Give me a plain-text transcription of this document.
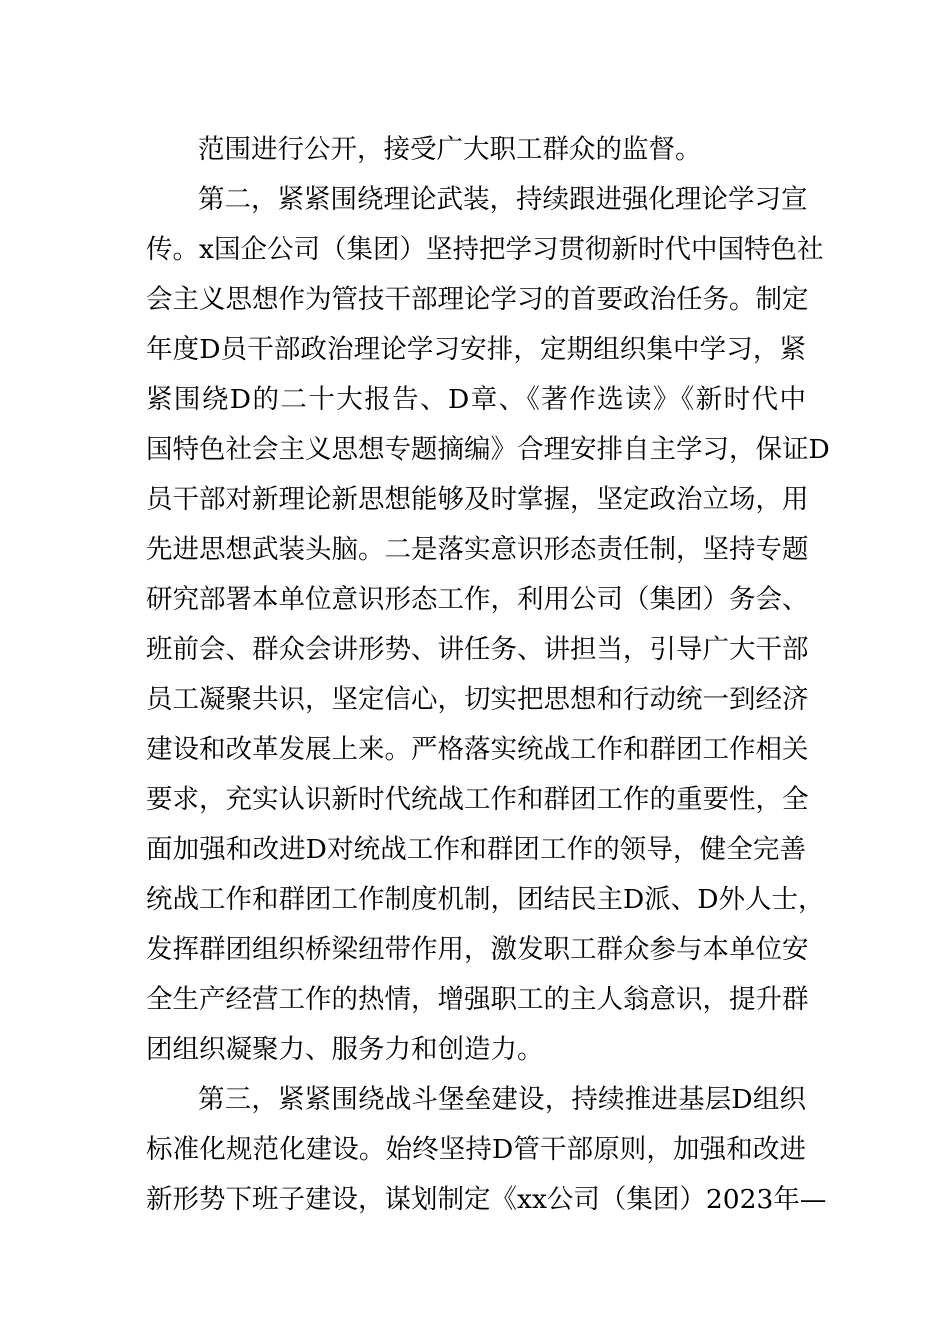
范围进行公开，接受广大职工群众的监督。
第二，紧紧围绕理论武装，持续跟进强化理论学习宣
传。x国企公司（集团）坚持把学习贯彻新时代中国特色社
会主义思想作为管技干部理论学习的首要政治任务。制定
年度D员干部政治理论学习安排，定期组织集中学习，紧
紧围绕D的二十大报告、D章、《著作选读》《新时代中
国特色社会主义思想专题摘编》合理安排自主学习，保证D
员干部对新理论新思想能够及时掌握，坚定政治立场，用
先进思想武装头脑。二是落实意识形态责任制，坚持专题
研究部署本单位意识形态工作，利用公司（集团）务会、
班前会、群众会讲形势、讲任务、讲担当，引导广大干部
员工凝聚共识，坚定信心，切实把思想和行动统一到经济
建设和改革发展上来。严格落实统战工作和群团工作相关
要求，充实认识新时代统战工作和群团工作的重要性，全
面加强和改进D对统战工作和群团工作的领导，健全完善
统战工作和群团工作制度机制，团结民主D派、D外人士，
发挥群团组织桥梁纽带作用，激发职工群众参与本单位安
全生产经营工作的热情，增强职工的主人翁意识，提升群
团组织凝聚力、服务力和创造力。
第三，紧紧围绕战斗堡垒建设，持续推进基层D组织
标准化规范化建设。始终坚持D管干部原则，加强和改进
新形势下班子建设，谋划制定《xx公司（集团）2023年—
